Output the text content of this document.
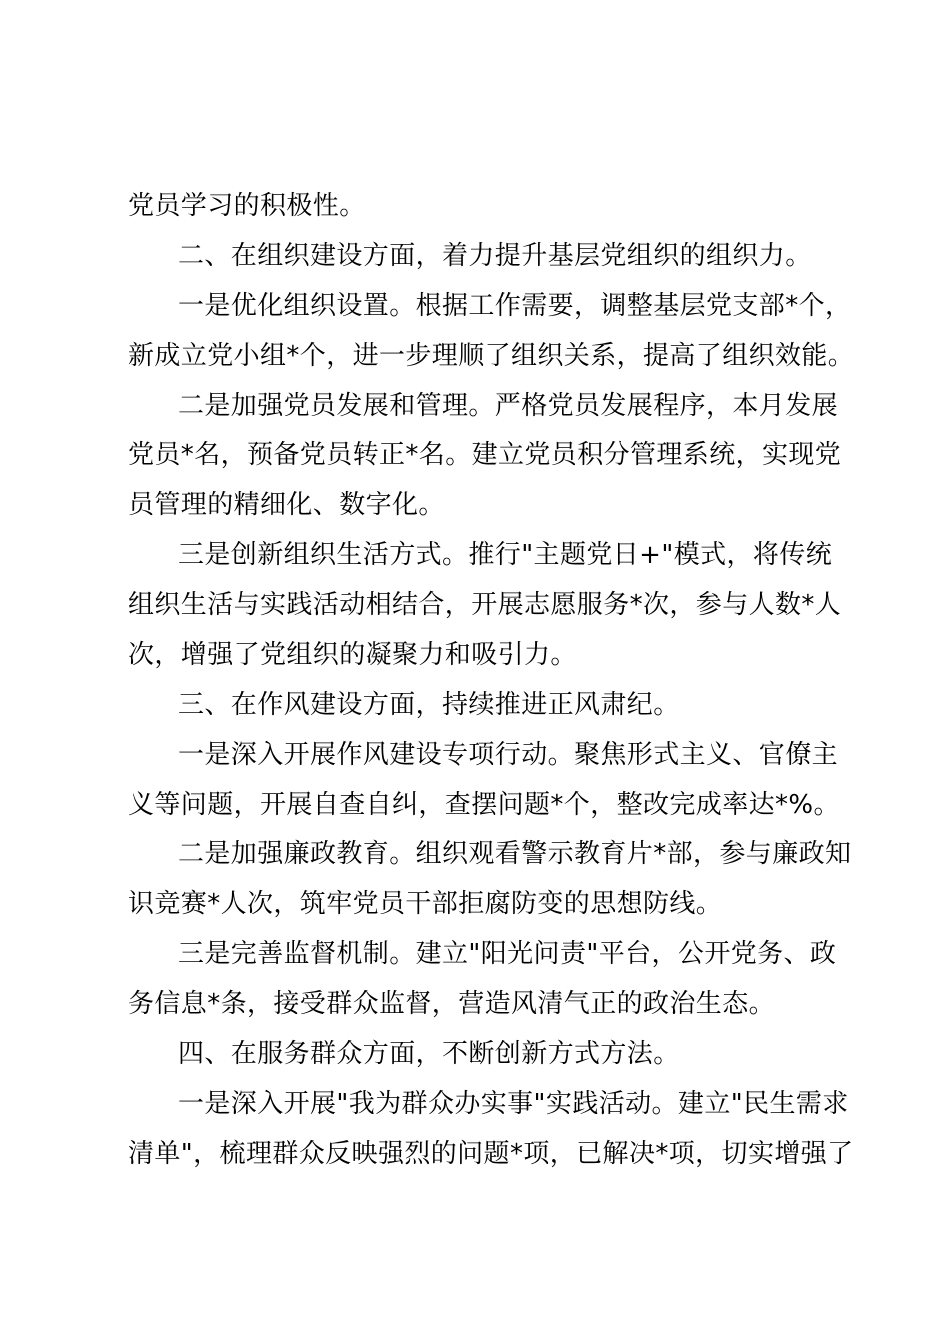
党员学习的积极性。
二、在组织建设方面，着力提升基层党组织的组织力。
一是优化组织设置。根据工作需要，调整基层党支部*个，
新成立党小组*个，进一步理顺了组织关系，提高了组织效能。
二是加强党员发展和管理。严格党员发展程序，本月发展
党员*名，预备党员转正*名。建立党员积分管理系统，实现党
员管理的精细化、数字化。
三是创新组织生活方式。推行"主题党日+"模式，将传统
组织生活与实践活动相结合，开展志愿服务*次，参与人数*人
次，增强了党组织的凝聚力和吸引力。
三、在作风建设方面，持续推进正风肃纪。
一是深入开展作风建设专项行动。聚焦形式主义、官僚主
义等问题，开展自查自纠，查摆问题*个，整改完成率达*%。
二是加强廉政教育。组织观看警示教育片*部，参与廉政知
识竞赛*人次，筑牢党员干部拒腐防变的思想防线。
三是完善监督机制。建立"阳光问责"平台，公开党务、政
务信息*条，接受群众监督，营造风清气正的政治生态。
四、在服务群众方面，不断创新方式方法。
一是深入开展"我为群众办实事"实践活动。建立"民生需求
清单"，梳理群众反映强烈的问题*项，已解决*项，切实增强了
